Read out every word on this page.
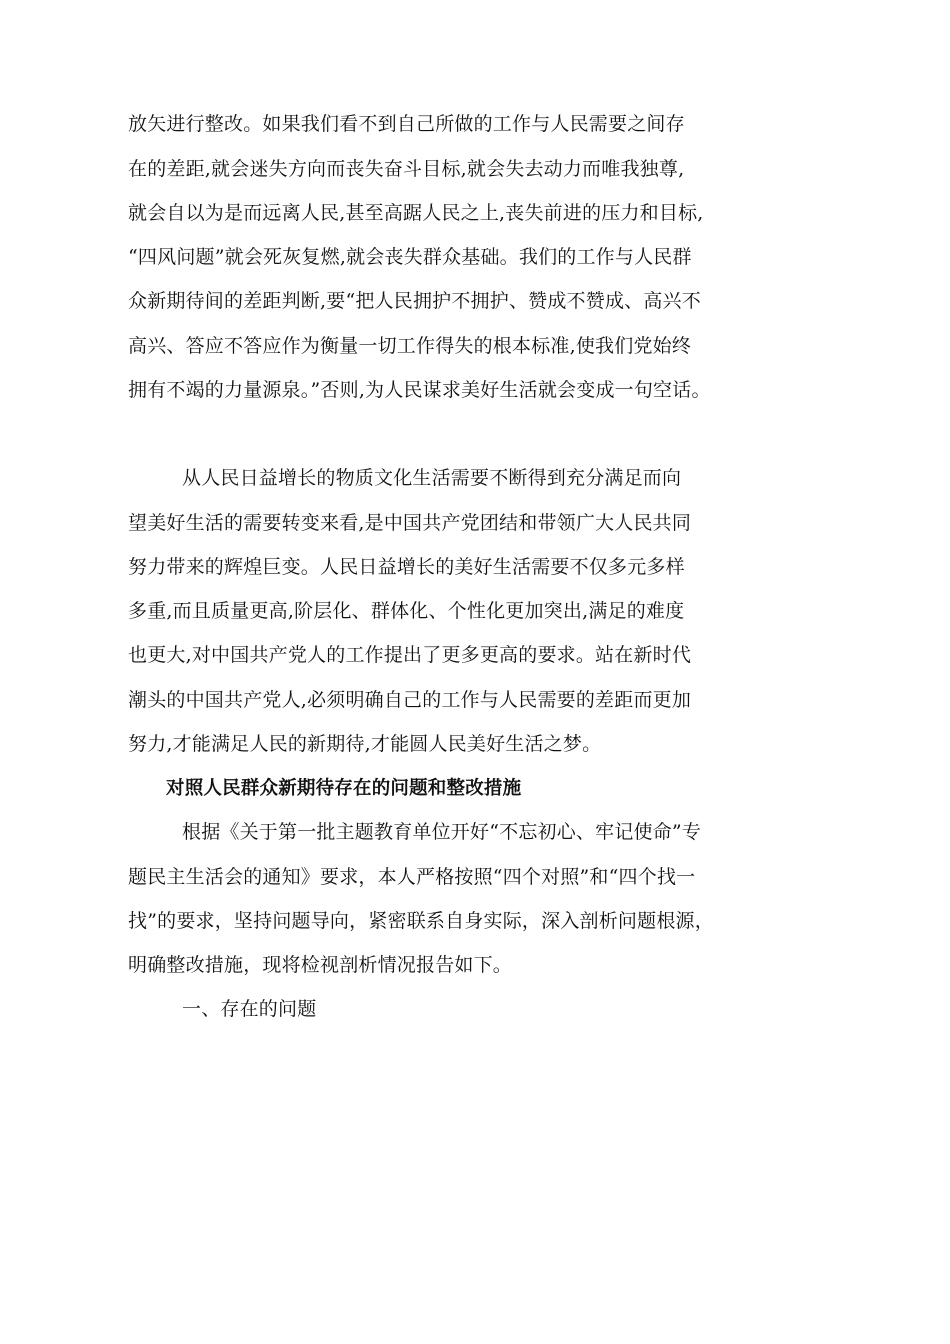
放矢进行整改。如果我们看不到自己所做的工作与人民需要之间存
在的差距,就会迷失方向而丧失奋斗目标,就会失去动力而唯我独尊,
就会自以为是而远离人民,甚至高踞人民之上,丧失前进的压力和目标,
“四风问题”就会死灰复燃,就会丧失群众基础。我们的工作与人民群
众新期待间的差距判断,要“把人民拥护不拥护、赞成不赞成、高兴不
高兴、答应不答应作为衡量一切工作得失的根本标准,使我们党始终
拥有不竭的力量源泉。”否则,为人民谋求美好生活就会变成一句空话。
从人民日益增长的物质文化生活需要不断得到充分满足而向
望美好生活的需要转变来看,是中国共产党团结和带领广大人民共同
努力带来的辉煌巨变。人民日益增长的美好生活需要不仅多元多样
多重,而且质量更高,阶层化、群体化、个性化更加突出,满足的难度
也更大,对中国共产党人的工作提出了更多更高的要求。站在新时代
潮头的中国共产党人,必须明确自己的工作与人民需要的差距而更加
努力,才能满足人民的新期待,才能圆人民美好生活之梦。
对照人民群众新期待存在的问题和整改措施
根据《关于第一批主题教育单位开好“不忘初心、牢记使命”专
题民主生活会的通知》要求，本人严格按照“四个对照”和“四个找一
找”的要求，坚持问题导向，紧密联系自身实际，深入剖析问题根源，
明确整改措施，现将检视剖析情况报告如下。
一、存在的问题
